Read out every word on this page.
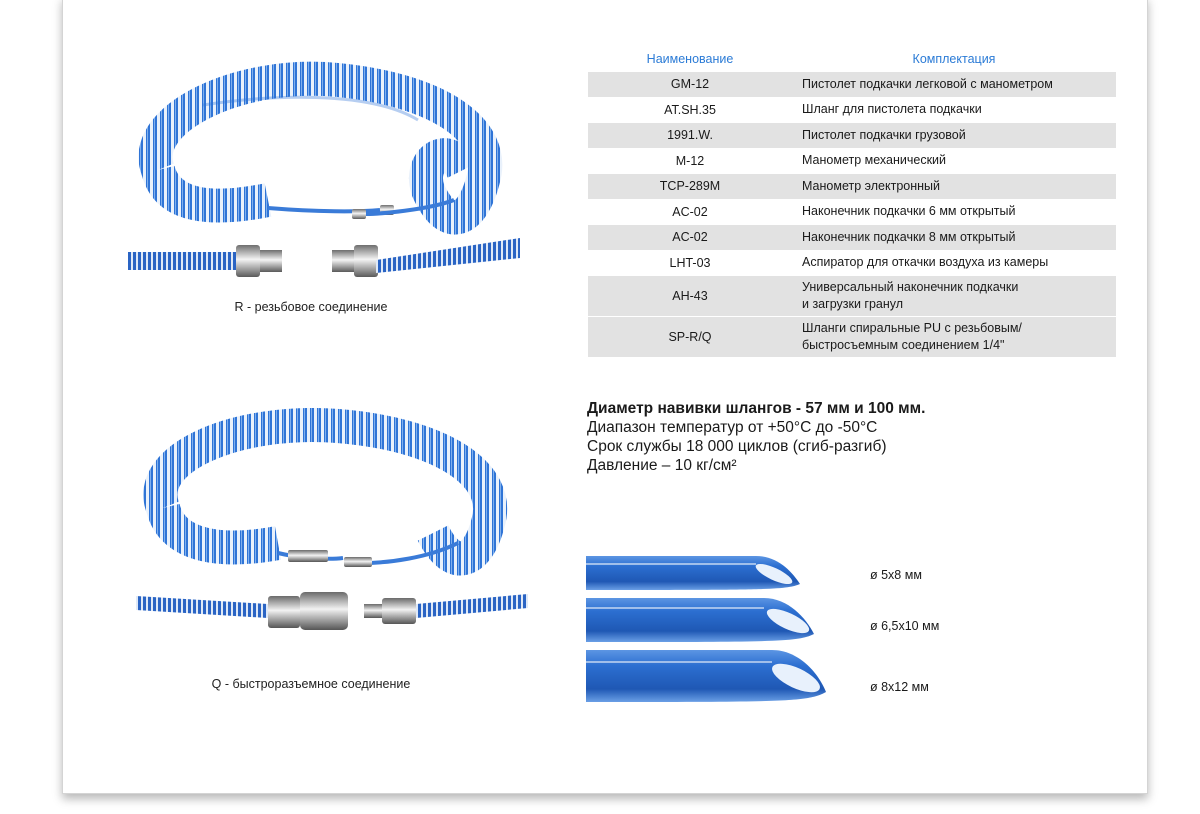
R - резьбовое соединение
Q - быстроразъемное соединение
Наименование	Комплектация
GM-12	Пистолет подкачки легковой с манометром
AT.SH.35	Шланг для пистолета подкачки
1991.W.	Пистолет подкачки грузовой
M-12	Манометр механический
TCP-289M	Манометр электронный
AC-02	Наконечник подкачки 6 мм открытый
AC-02	Наконечник подкачки 8 мм открытый
LHT-03	Аспиратор для откачки воздуха из камеры
AH-43	Универсальный наконечник подкачки
и загрузки гранул
SP-R/Q	Шланги спиральные PU с резьбовым/
быстросъемным соединением 1/4"
Диаметр навивки шлангов - 57 мм и 100 мм.
Диапазон температур от +50°C до -50°C
Срок службы 18 000 циклов (сгиб-разгиб)
Давление – 10 кг/см²
ø 5x8 мм
ø 6,5x10 мм
ø 8x12 мм
